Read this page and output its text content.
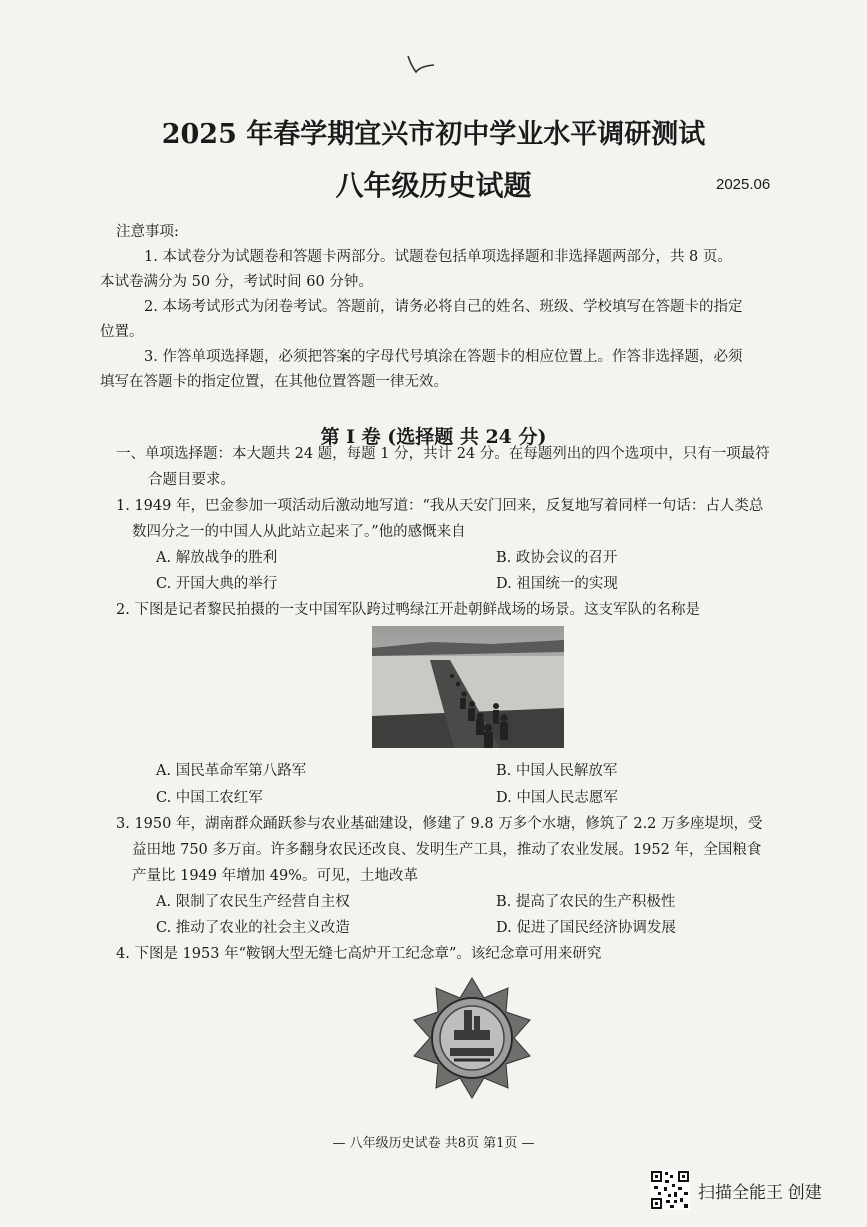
2025 年春学期宜兴市初中学业水平调研测试
八年级历史试题	2025.06

注意事项:

1. 本试卷分为试题卷和答题卡两部分。试题卷包括单项选择题和非选择题两部分，共 8 页。

本试卷满分为 50 分，考试时间 60 分钟。

2. 本场考试形式为闭卷考试。答题前，请务必将自己的姓名、班级、学校填写在答题卡的指定

位置。

3. 作答单项选择题，必须把答案的字母代号填涂在答题卡的相应位置上。作答非选择题，必须

填写在答题卡的指定位置，在其他位置答题一律无效。

第 I 卷 (选择题 共 24 分)
一、单项选择题：本大题共 24 题，每题 1 分，共计 24 分。在每题列出的四个选项中，只有一项最符
合题目要求。
1. 1949 年，巴金参加一项活动后激动地写道：“我从天安门回来，反复地写着同样一句话：占人类总
数四分之一的中国人从此站立起来了。”他的感慨来自
A. 解放战争的胜利	B. 政协会议的召开
C. 开国大典的举行	D. 祖国统一的实现
2. 下图是记者黎民拍摄的一支中国军队跨过鸭绿江开赴朝鲜战场的场景。这支军队的名称是
A. 国民革命军第八路军	B. 中国人民解放军
C. 中国工农红军	D. 中国人民志愿军
3. 1950 年，湖南群众踊跃参与农业基础建设，修建了 9.8 万多个水塘，修筑了 2.2 万多座堤坝，受
益田地 750 多万亩。许多翻身农民还改良、发明生产工具，推动了农业发展。1952 年，全国粮食
产量比 1949 年增加 49%。可见，土地改革
A. 限制了农民生产经营自主权	B. 提高了农民的生产积极性
C. 推动了农业的社会主义改造	D. 促进了国民经济协调发展
4. 下图是 1953 年“鞍钢大型无缝七高炉开工纪念章”。该纪念章可用来研究
— 八年级历史试卷 共8页 第1页 —
扫描全能王 创建
